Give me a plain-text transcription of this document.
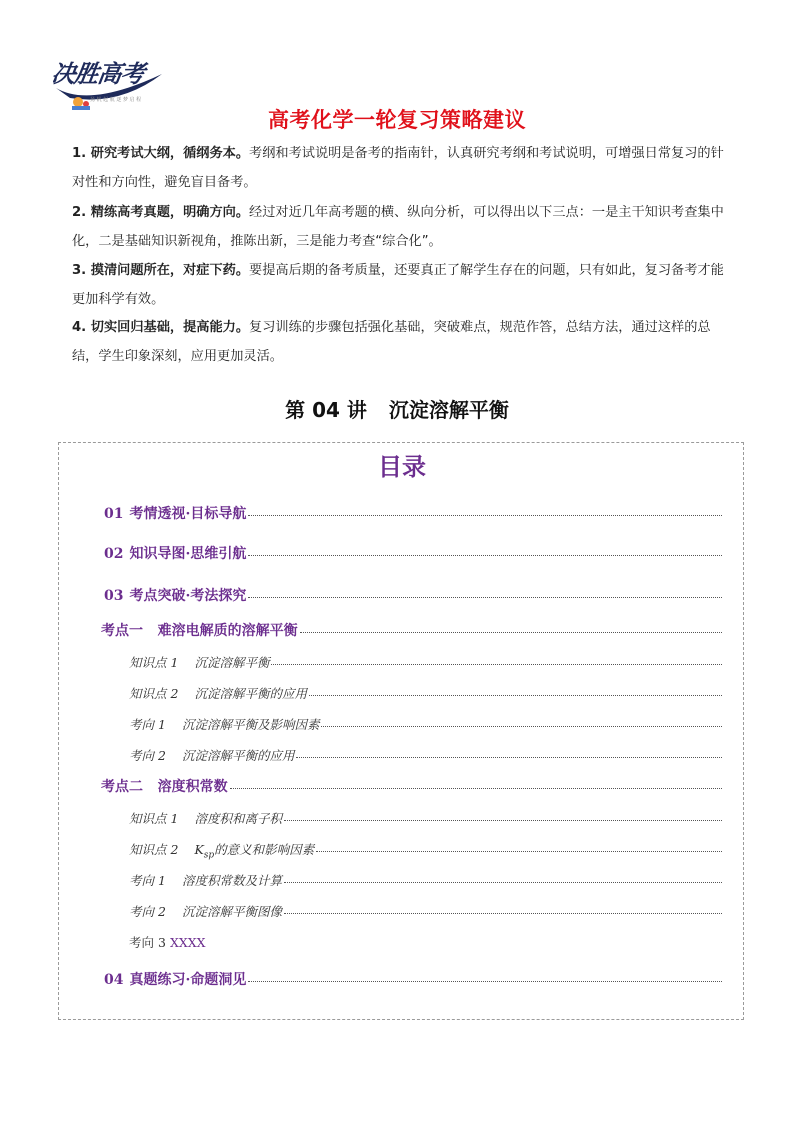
决胜高考
扬 帆 起 航 逐 梦 启 程
高考化学一轮复习策略建议
1. 研究考试大纲，循纲务本。考纲和考试说明是备考的指南针，认真研究考纲和考试说明，可增强日常复习的针对性和方向性，避免盲目备考。
2. 精练高考真题，明确方向。经过对近几年高考题的横、纵向分析，可以得出以下三点：一是主干知识考查集中化，二是基础知识新视角，推陈出新，三是能力考查“综合化”。
3. 摸清问题所在，对症下药。要提高后期的备考质量，还要真正了解学生存在的问题，只有如此，复习备考才能更加科学有效。
4. 切实回归基础，提高能力。复习训练的步骤包括强化基础，突破难点，规范作答，总结方法，通过这样的总结，学生印象深刻，应用更加灵活。
第 04 讲 沉淀溶解平衡
目录
01 考情透视·目标导航
02 知识导图·思维引航
03 考点突破·考法探究
考点一 难溶电解质的溶解平衡
知识点 1 沉淀溶解平衡
知识点 2 沉淀溶解平衡的应用
考向 1 沉淀溶解平衡及影响因素
考向 2 沉淀溶解平衡的应用
考点二 溶度积常数
知识点 1 溶度积和离子积
知识点 2 $K_{sp}$的意义和影响因素
考向 1 溶度积常数及计算
考向 2 沉淀溶解平衡图像
考向 3 XXXX
04 真题练习·命题洞见
